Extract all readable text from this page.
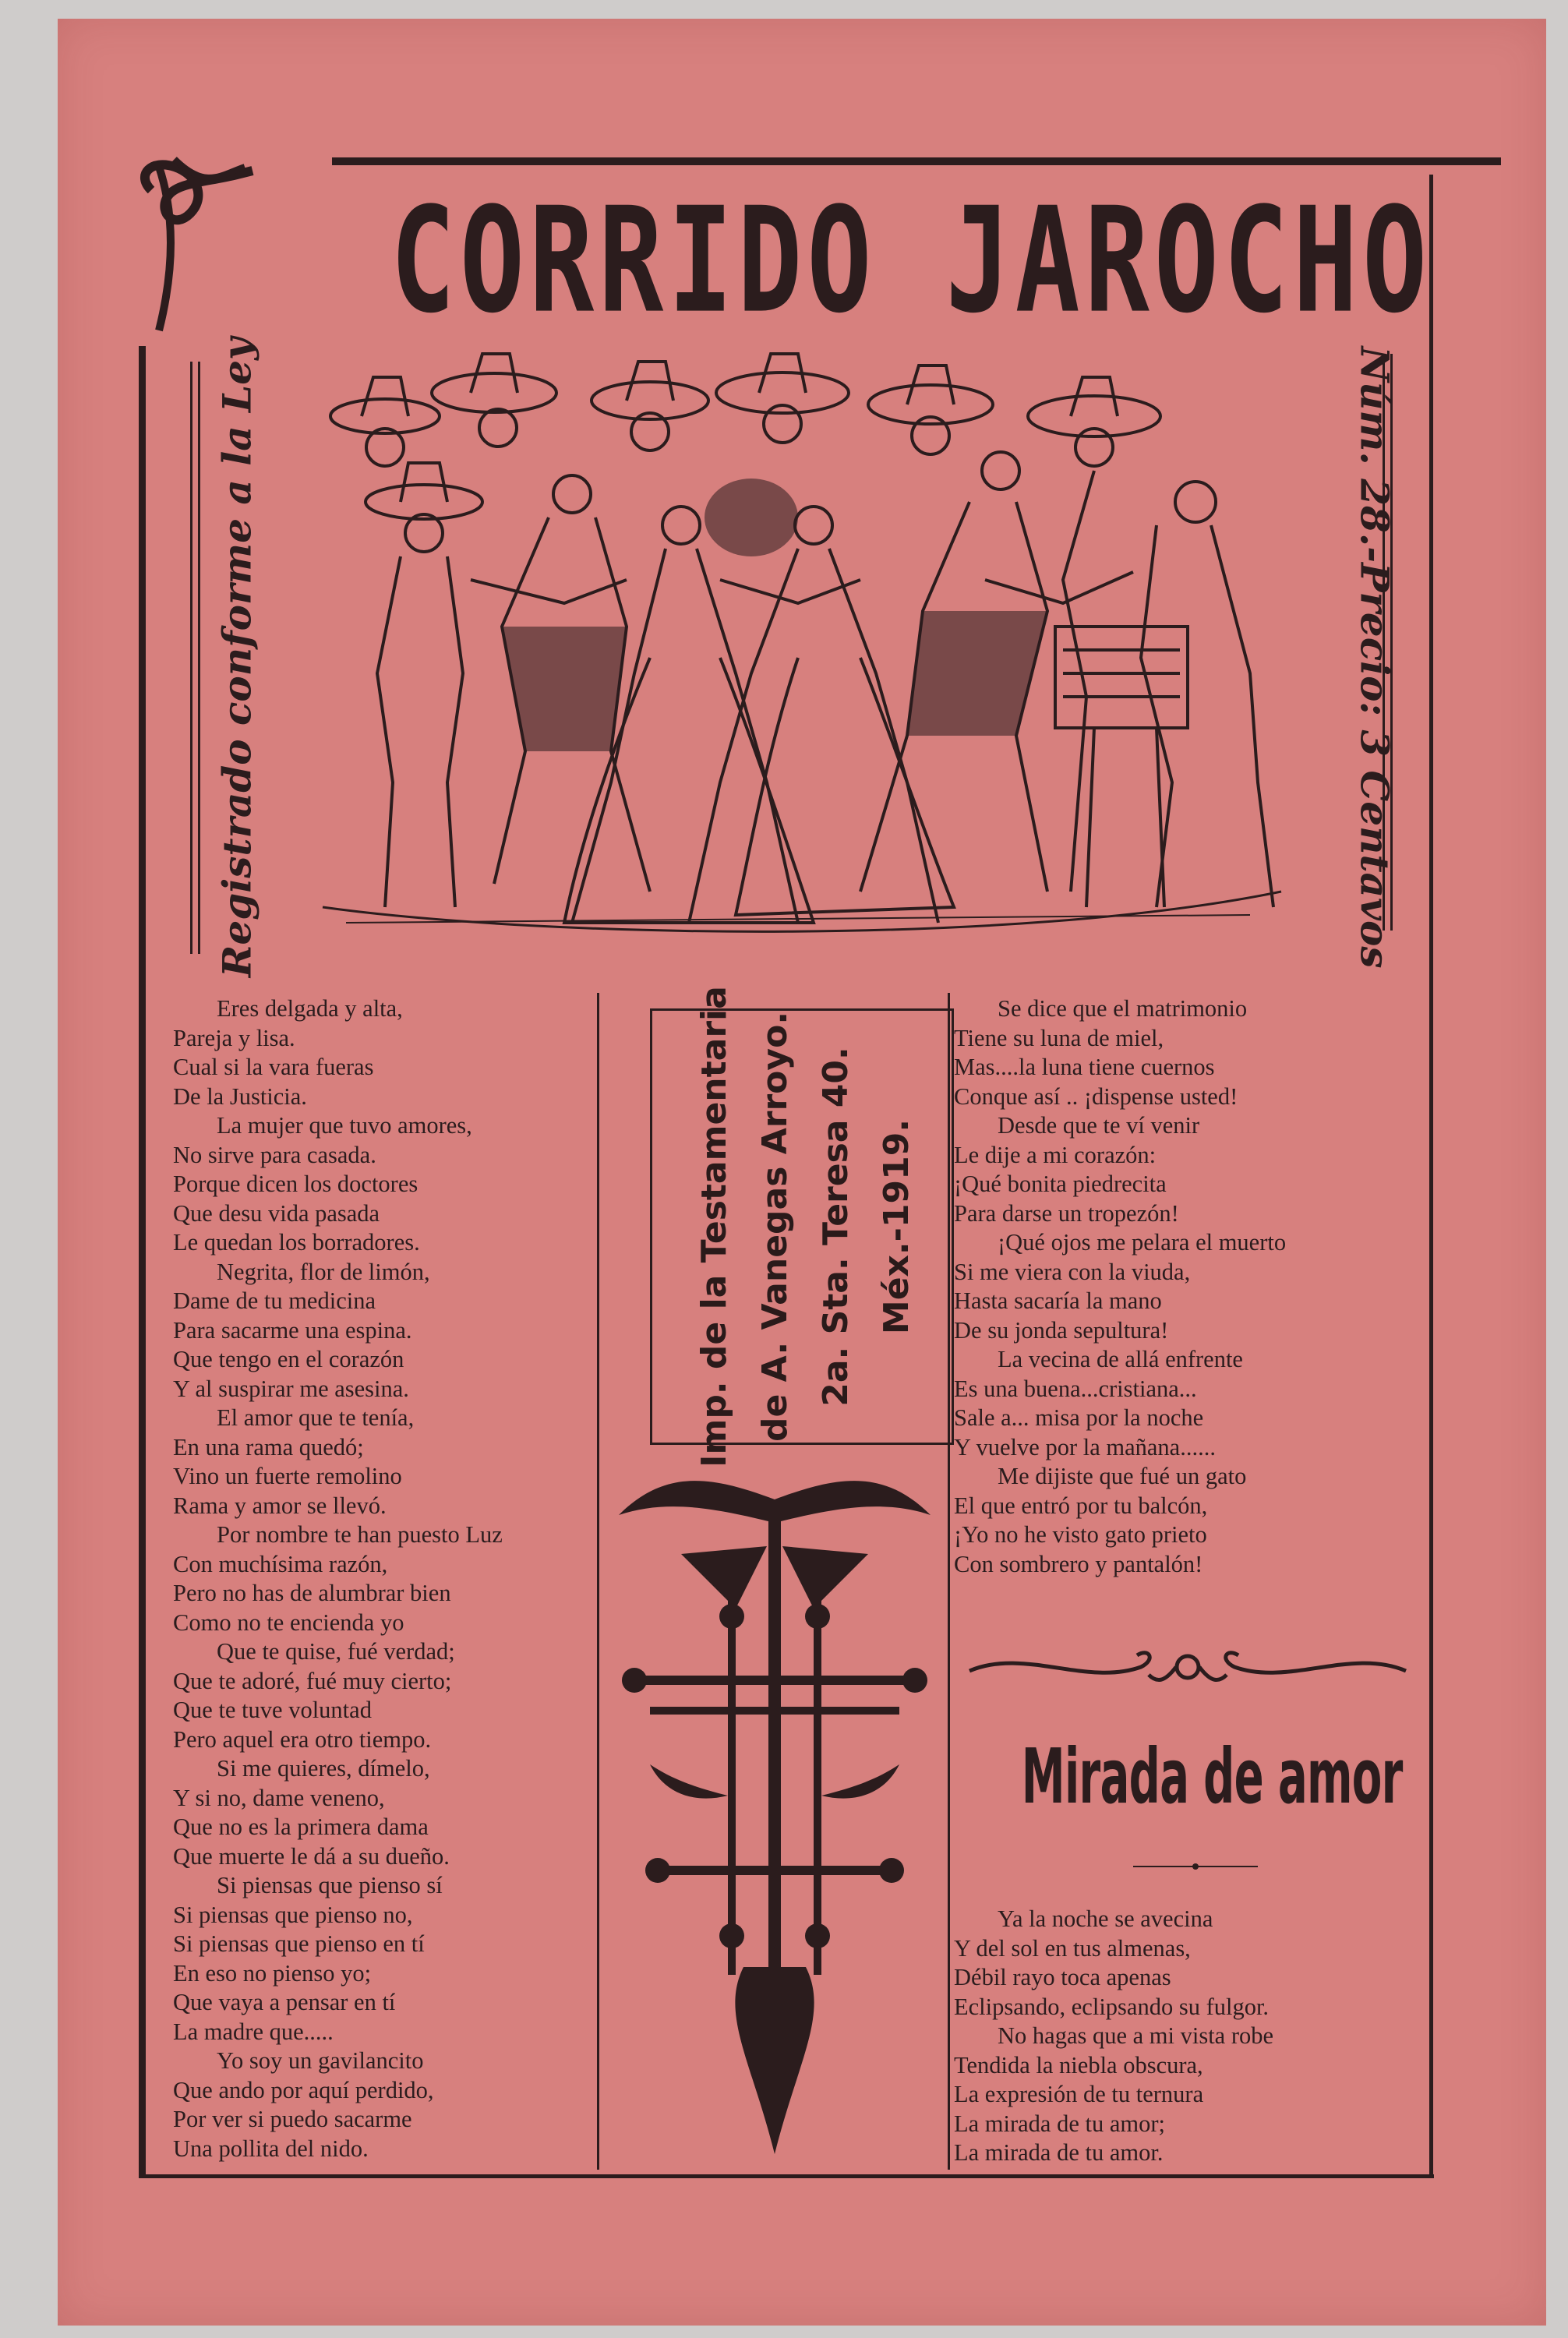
CORRIDO JAROCHO
Registrado conforme a la Ley	Núm. 28.-Precio: 3 Centavos
Eres delgada y alta,
Pareja y lisa.
Cual si la vara fueras
De la Justicia.
La mujer que tuvo amores,
No sirve para casada.
Porque dicen los doctores
Que desu vida pasada
Le quedan los borradores.
Negrita, flor de limón,
Dame de tu medicina
Para sacarme una espina.
Que tengo en el corazón
Y al suspirar me asesina.
El amor que te tenía,
En una rama quedó;
Vino un fuerte remolino
Rama y amor se llevó.
Por nombre te han puesto Luz
Con muchísima razón,
Pero no has de alumbrar bien
Como no te encienda yo
Que te quise, fué verdad;
Que te adoré, fué muy cierto;
Que te tuve voluntad
Pero aquel era otro tiempo.
Si me quieres, dímelo,
Y si no, dame veneno,
Que no es la primera dama
Que muerte le dá a su dueño.
Si piensas que pienso sí
Si piensas que pienso no,
Si piensas que pienso en tí
En eso no pienso yo;
Que vaya a pensar en tí
La madre que.....
Yo soy un gavilancito
Que ando por aquí perdido,
Por ver si puedo sacarme
Una pollita del nido.
Imp. de la Testamentaria de A. Vanegas Arroyo. 2a. Sta. Teresa 40. Méx.-1919.
Se dice que el matrimonio
Tiene su luna de miel,
Mas....la luna tiene cuernos
Conque así .. ¡dispense usted!
Desde que te ví venir
Le dije a mi corazón:
¡Qué bonita piedrecita
Para darse un tropezón!
¡Qué ojos me pelara el muerto
Si me viera con la viuda,
Hasta sacaría la mano
De su jonda sepultura!
La vecina de allá enfrente
Es una buena...cristiana...
Sale a... misa por la noche
Y vuelve por la mañana......
Me dijiste que fué un gato
El que entró por tu balcón,
¡Yo no he visto gato prieto
Con sombrero y pantalón!
Mirada de amor
Ya la noche se avecina
Y del sol en tus almenas,
Débil rayo toca apenas
Eclipsando, eclipsando su fulgor.
No hagas que a mi vista robe
Tendida la niebla obscura,
La expresión de tu ternura
La mirada de tu amor;
La mirada de tu amor.
